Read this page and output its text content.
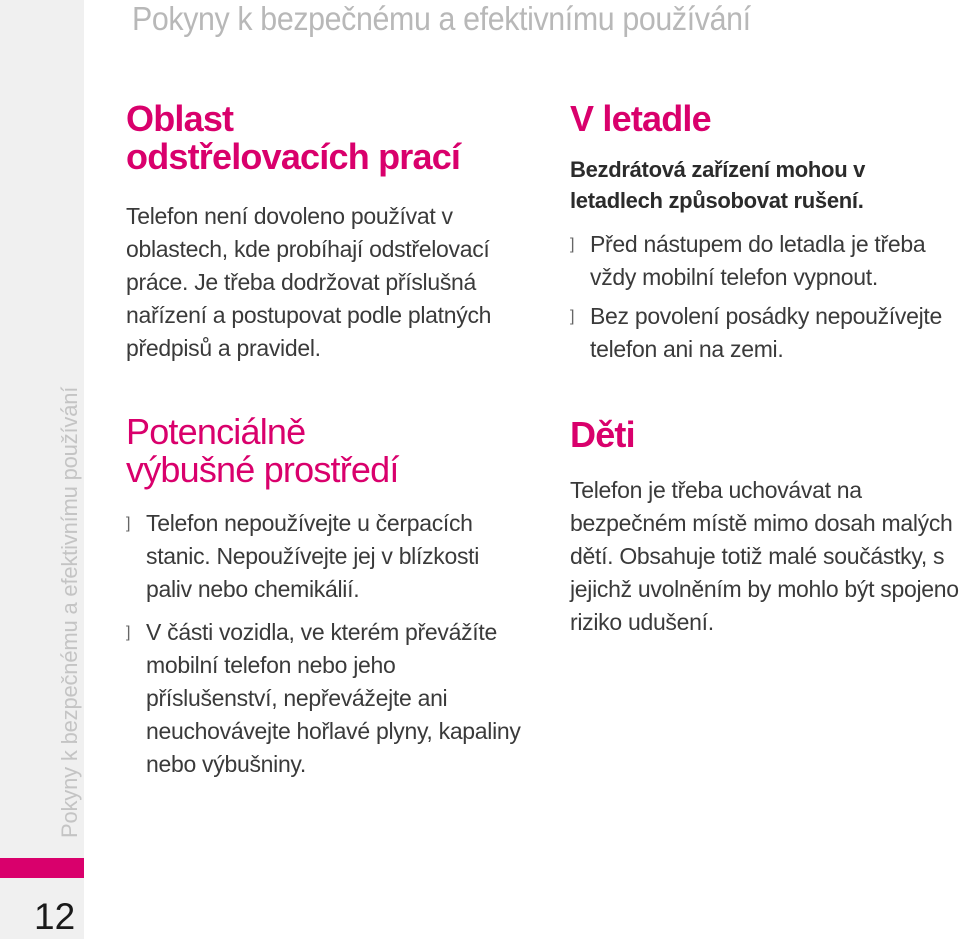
Pokyny k bezpečnému a efektivnímu používání
Pokyny k bezpečnému a efektivnímu používání
12
Oblast
odstřelovacích prací

Telefon není dovoleno používat v oblastech, kde probíhají odstřelovací práce. Je třeba dodržovat příslušná nařízení a postupovat podle platných předpisů a pravidel.

Potenciálně
výbušné prostředí
] Telefon nepoužívejte u čerpacích stanic. Nepoužívejte jej v blízkosti paliv nebo chemikálií.
] V části vozidla, ve kterém převážíte mobilní telefon nebo jeho příslušenství, nepřevážejte ani neuchovávejte hořlavé plyny, kapaliny nebo výbušniny.
V letadle
Bezdrátová zařízení mohou v letadlech způsobovat rušení.
] Před nástupem do letadla je třeba vždy mobilní telefon vypnout.
] Bez povolení posádky nepoužívejte telefon ani na zemi.
Děti

Telefon je třeba uchovávat na bezpečném místě mimo dosah malých dětí. Obsahuje totiž malé součástky, s jejichž uvolněním by mohlo být spojeno riziko udušení.
